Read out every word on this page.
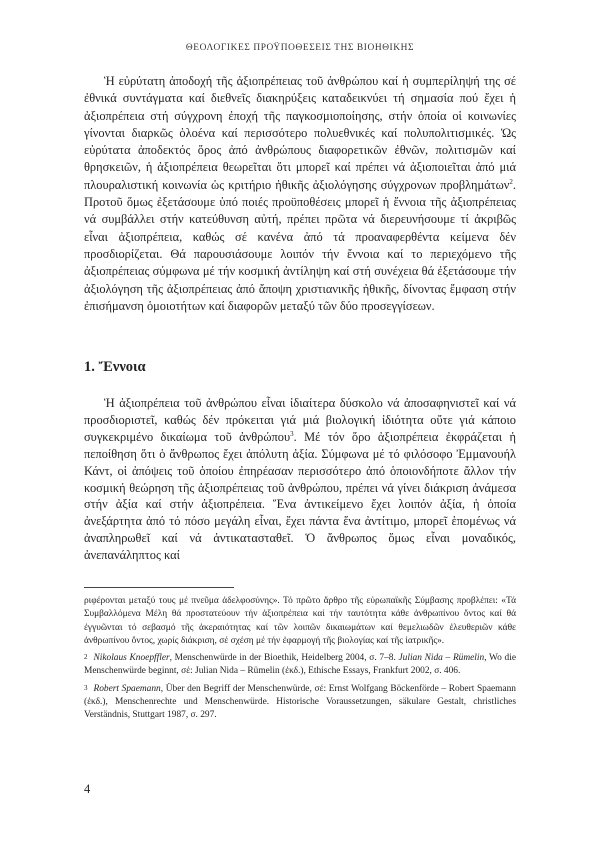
ΘΕΟΛΟΓΙΚΕΣ ΠΡΟΫΠΟΘΕΣΕΙΣ ΤΗΣ ΒΙΟΗΘΙΚΗΣ

Ἡ εὐρύτατη ἀποδοχή τῆς ἀξιοπρέπειας τοῦ ἀνθρώπου καί ἡ συμπερίληψή της σέ ἐθνικά συντάγματα καί διεθνεῖς διακηρύξεις καταδεικνύει τή σημασία πού ἔχει ἡ ἀξιοπρέπεια στή σύγχρονη ἐποχή τῆς παγκοσμιοποίησης, στήν ὁποία οἱ κοινωνίες γίνονται διαρκῶς ὁλοένα καί περισσότερο πολυεθνικές καί πολυπολιτισμικές. Ὡς εὐρύτατα ἀποδεκτός ὅρος ἀπό ἀνθρώπους διαφορετικῶν ἐθνῶν, πολιτισμῶν καί θρησκειῶν, ἡ ἀξιοπρέπεια θεωρεῖται ὅτι μπορεῖ καί πρέπει νά ἀξιοποιεῖται ἀπό μιά πλουραλιστική κοινωνία ὡς κριτήριο ἠθικῆς ἀξιολόγησης σύγχρονων προβλημάτων$^2$. Προτοῦ ὅμως ἐξετάσουμε ὑπό ποιές προϋποθέσεις μπορεῖ ἡ ἔννοια τῆς ἀξιοπρέπειας νά συμβάλλει στήν κατεύθυνση αὐτή, πρέπει πρῶτα νά διερευνήσουμε τί ἀκριβῶς εἶναι ἀξιοπρέπεια, καθώς σέ κανένα ἀπό τά προαναφερθέντα κείμενα δέν προσδιορίζεται. Θά παρουσιάσουμε λοιπόν τήν ἔννοια καί το περιεχόμενο τῆς ἀξιοπρέπειας σύμφωνα μέ τήν κοσμική ἀντίληψη καί στή συνέχεια θά ἐξετάσουμε τήν ἀξιολόγηση τῆς ἀξιοπρέπειας ἀπό ἄποψη χριστιανικῆς ἠθικῆς, δίνοντας ἔμφαση στήν ἐπισήμανση ὁμοιοτήτων καί διαφορῶν μεταξύ τῶν δύο προσεγγίσεων.

1. Ἔννοια

Ἡ ἀξιοπρέπεια τοῦ ἀνθρώπου εἶναι ἰδιαίτερα δύσκολο νά ἀποσαφηνιστεῖ καί νά προσδιοριστεῖ, καθώς δέν πρόκειται γιά μιά βιολογική ἰδιότητα οὔτε γιά κάποιο συγκεκριμένο δικαίωμα τοῦ ἀνθρώπου$^3$. Μέ τόν ὅρο ἀξιοπρέπεια ἐκφράζεται ἡ πεποίθηση ὅτι ὁ ἄνθρωπος ἔχει ἀπόλυτη ἀξία. Σύμφωνα μέ τό φιλόσοφο Ἐμμανουήλ Κάντ, οἱ ἀπόψεις τοῦ ὁποίου ἐπηρέασαν περισσότερο ἀπό ὁποιονδήποτε ἄλλον τήν κοσμική θεώρηση τῆς ἀξιοπρέπειας τοῦ ἀνθρώπου, πρέπει νά γίνει διάκριση ἀνάμεσα στήν ἀξία καί στήν ἀξιοπρέπεια. Ἕνα ἀντικείμενο ἔχει λοιπόν ἀξία, ἡ ὁποία ἀνεξάρτητα ἀπό τό πόσο μεγάλη εἶναι, ἔχει πάντα ἕνα ἀντίτιμο, μπορεῖ ἑπομένως νά ἀναπληρωθεῖ καί νά ἀντικατασταθεῖ. Ὁ ἄνθρωπος ὅμως εἶναι μοναδικός, ἀνεπανάληπτος καί

ριφέρονται μεταξύ τους μέ πνεῦμα ἀδελφοσύνης». Τό πρῶτο ἄρθρο τῆς εὐρωπαϊκῆς Σύμβασης προβλέπει: «Τά Συμβαλλόμενα Μέλη θά προστατεύουν τήν ἀξιοπρέπεια καί τήν ταυτότητα κάθε ἀνθρωπίνου ὄντος καί θά ἐγγυῶνται τό σεβασμό τῆς ἀκεραιότητας καί τῶν λοιπῶν δικαιωμάτων καί θεμελιωδῶν ἐλευθεριῶν κάθε ἀνθρωπίνου ὄντος, χωρίς διάκριση, σέ σχέση μέ τήν ἐφαρμογή τῆς βιολογίας καί τῆς ἰατρικῆς».

2 Nikolaus Knoepffler, Menschenwürde in der Bioethik, Heidelberg 2004, σ. 7–8. Julian Nida – Rümelin, Wo die Menschenwürde beginnt, σέ: Julian Nida – Rümelin (ἐκδ.), Ethische Essays, Frankfurt 2002, σ. 406.

3 Robert Spaemann, Über den Begriff der Menschenwürde, σέ: Ernst Wolfgang Böckenförde – Robert Spaemann (ἐκδ.), Menschenrechte und Menschenwürde. Historische Voraussetzungen, säkulare Gestalt, christliches Verständnis, Stuttgart 1987, σ. 297.

4
